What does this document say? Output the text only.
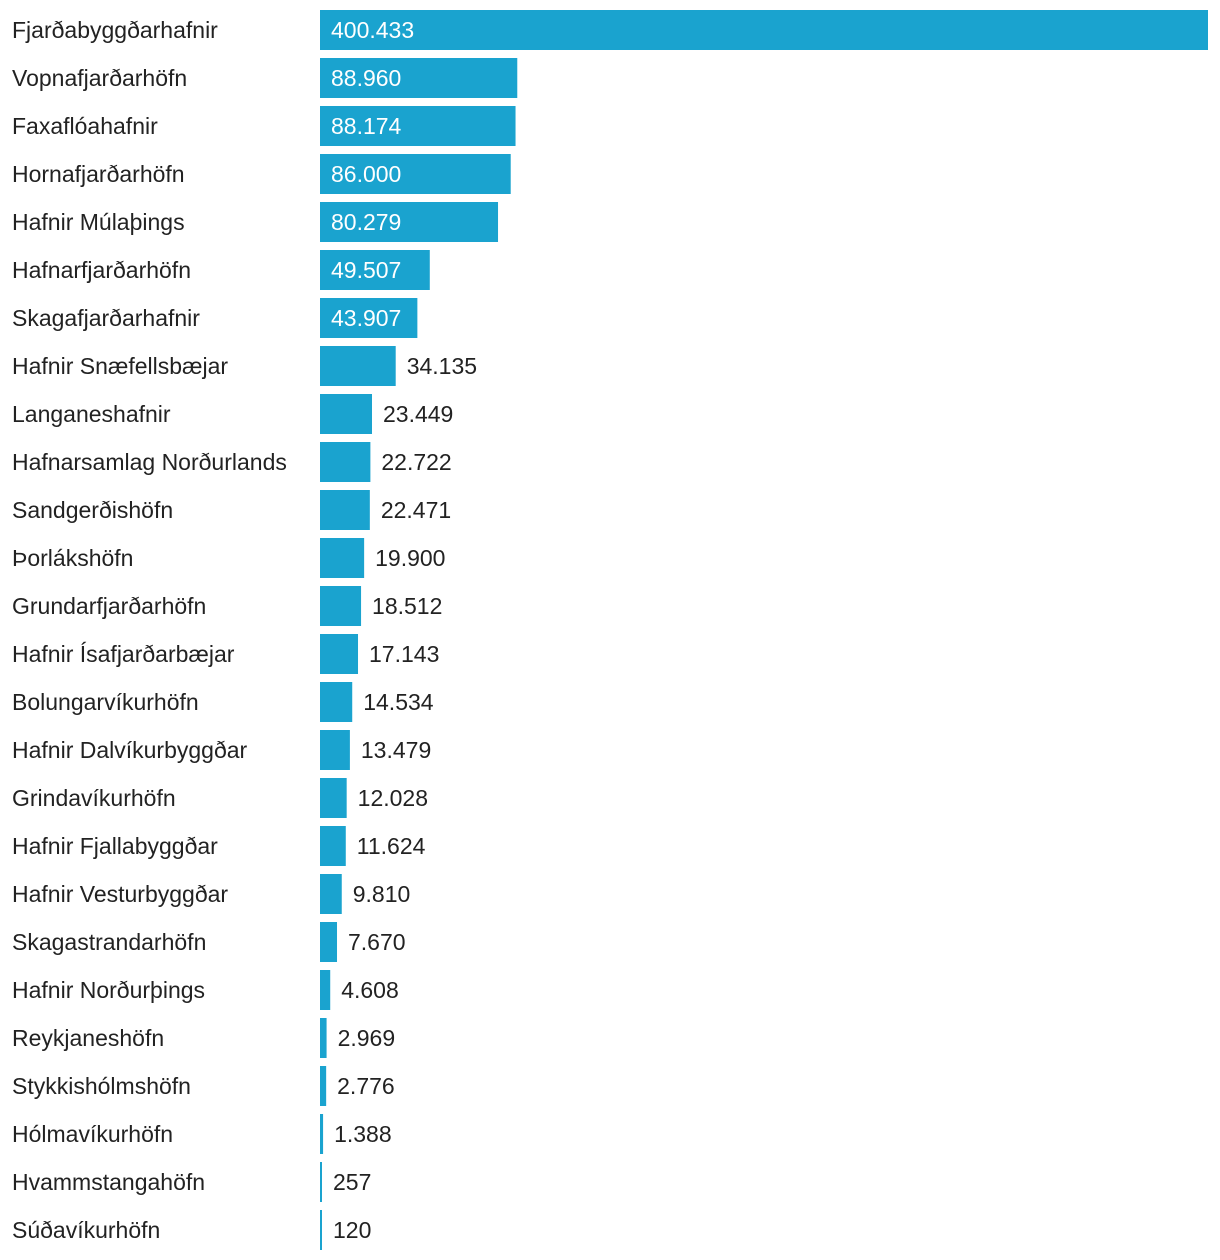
Fjarðabyggðarhafnir	400.433
Vopnafjarðarhöfn	88.960
Faxaflóahafnir	88.174
Hornafjarðarhöfn	86.000
Hafnir Múlaþings	80.279
Hafnarfjarðarhöfn	49.507
Skagafjarðarhafnir	43.907
Hafnir Snæfellsbæjar	34.135
Langaneshafnir	23.449
Hafnarsamlag Norðurlands	22.722
Sandgerðishöfn	22.471
Þorlákshöfn	19.900
Grundarfjarðarhöfn	18.512
Hafnir Ísafjarðarbæjar	17.143
Bolungarvíkurhöfn	14.534
Hafnir Dalvíkurbyggðar	13.479
Grindavíkurhöfn	12.028
Hafnir Fjallabyggðar	11.624
Hafnir Vesturbyggðar	9.810
Skagastrandarhöfn	7.670
Hafnir Norðurþings	4.608
Reykjaneshöfn	2.969
Stykkishólmshöfn	2.776
Hólmavíkurhöfn	1.388
Hvammstangahöfn	257
Súðavíkurhöfn	120
